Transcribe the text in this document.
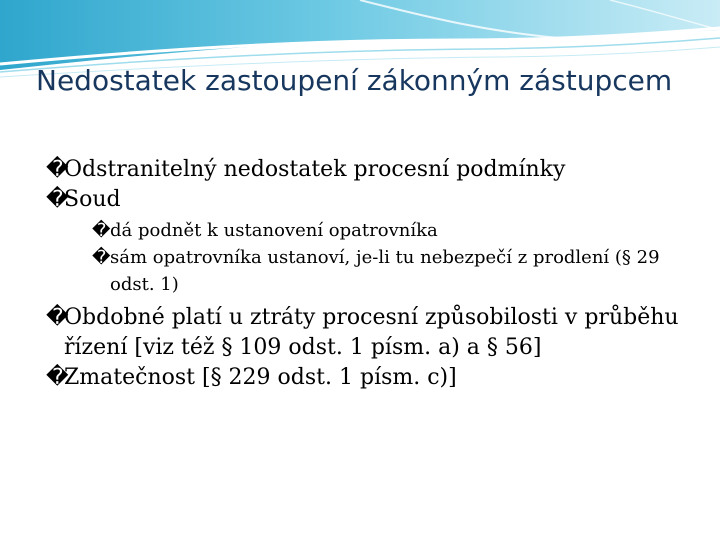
Nedostatek zastoupení zákonným zástupcem

�
Odstranitelný nedostatek procesní podmínky

�
Soud

� dá podnět k ustanovení opatrovníka

� sám opatrovníka ustanoví, je-li tu nebezpečí z prodlení (§ 29 odst. 1)

�
Obdobné platí u ztráty procesní způsobilosti v průběhu řízení [viz též § 109 odst. 1 písm. a) a § 56]

�
Zmatečnost [§ 229 odst. 1 písm. c)]
